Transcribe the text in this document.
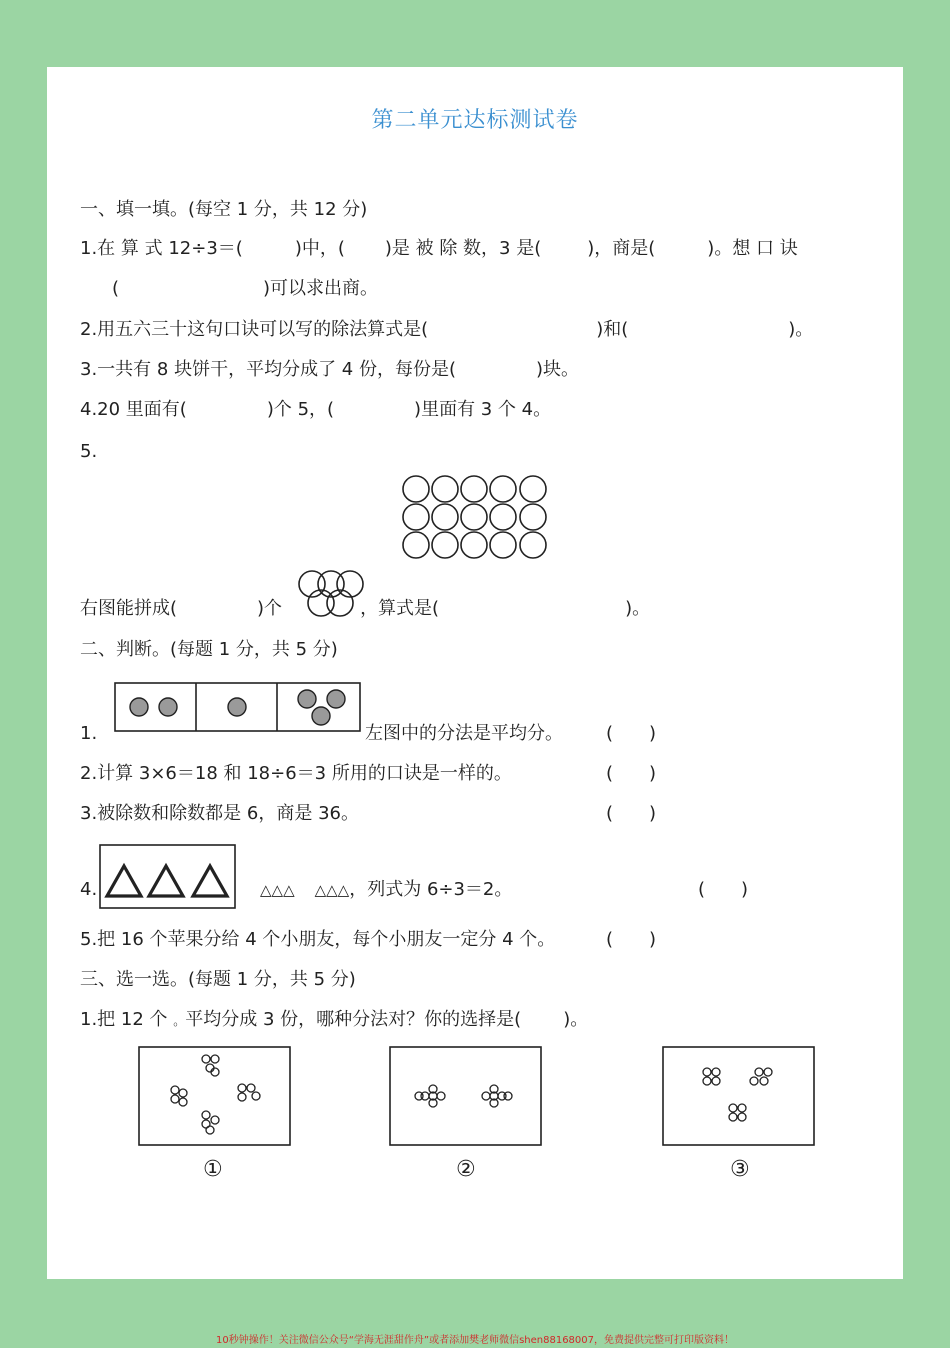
第二单元达标测试卷
一、填一填。(每空 1 分，共 12 分)
1.在 算 式 12÷3＝(	)中，( )是 被 除 数，3 是(	)，商是(	)。想 口 诀
(	)可以求出商。
2.用五六三十这句口诀可以写的除法算式是(	)和(	)。
3.一共有 8 块饼干，平均分成了 4 份，每份是(	)块。
4.20 里面有(	)个 5，(	)里面有 3 个 4。
5.
右图能拼成(	)个	，算式是(	)。
二、判断。(每题 1 分，共 5 分)
1.	左图中的分法是平均分。 (　　)
2.计算 3×6＝18 和 18÷6＝3 所用的口诀是一样的。	(　　)
3.被除数和除数都是 6，商是 36。	(　　)
4.	△△△ △△△，列式为 6÷3＝2。	(　　)
5.把 16 个苹果分给 4 个小朋友，每个小朋友一定分 4 个。	(　　)
三、选一选。(每题 1 分，共 5 分)
1.把 12 个 。平均分成 3 份，哪种分法对？你的选择是( )。
①	②	③
10秒钟操作！关注微信公众号“学海无涯甜作舟”或者添加樊老师微信shen88168007，免费提供完整可打印版资料！
